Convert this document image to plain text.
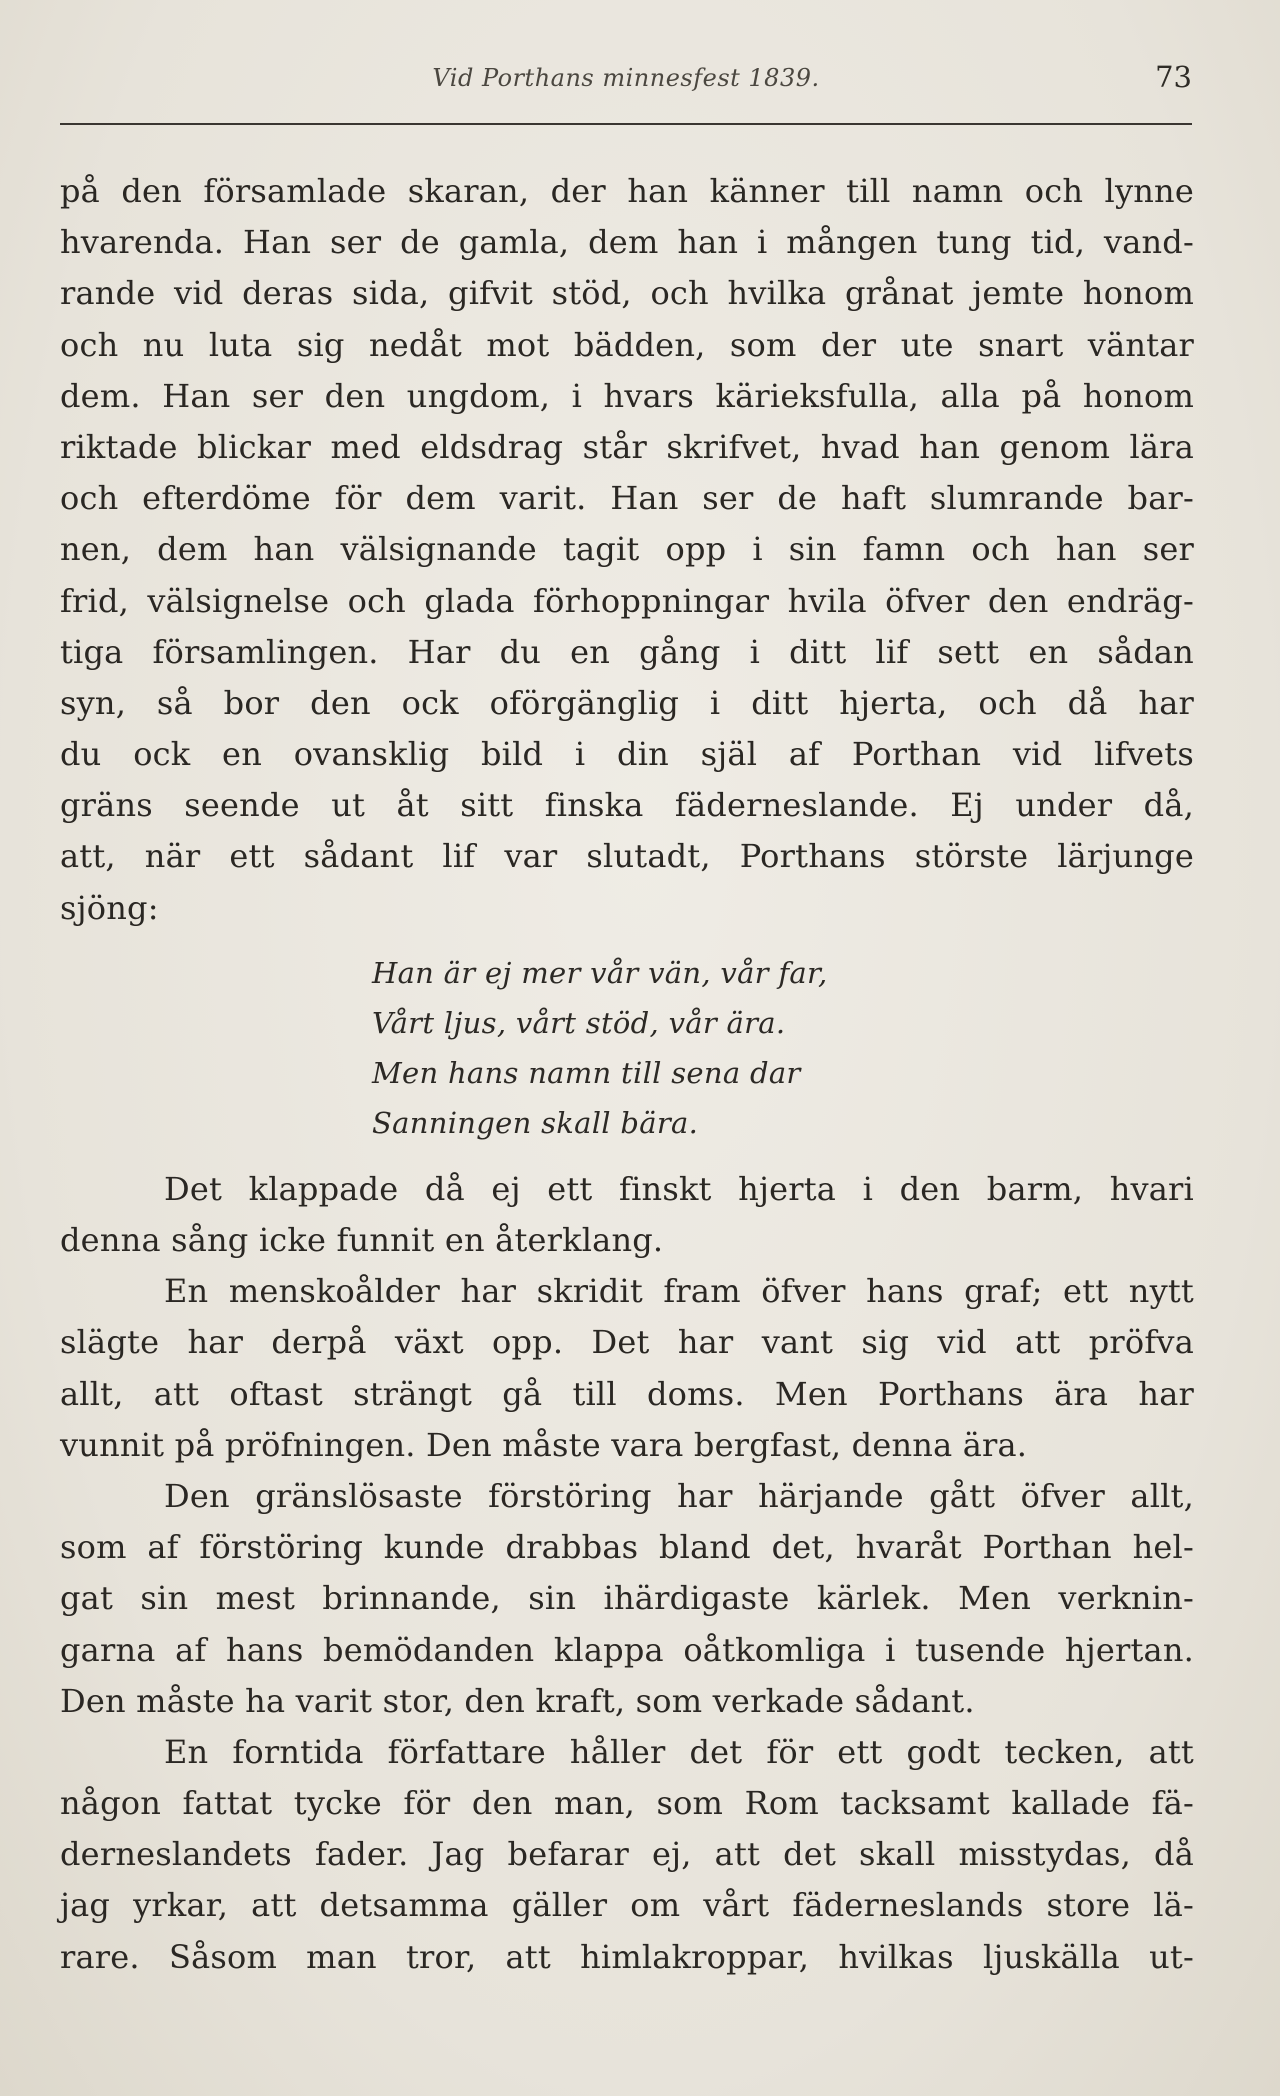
Vid Porthans minnesfest 1839.	73
på den församlade skaran, der han känner till namn och lynne
hvarenda. Han ser de gamla, dem han i mången tung tid, vand-
rande vid deras sida, gifvit stöd, och hvilka grånat jemte honom
och nu luta sig nedåt mot bädden, som der ute snart väntar
dem. Han ser den ungdom, i hvars kärieksfulla, alla på honom
riktade blickar med eldsdrag står skrifvet, hvad han genom lära
och efterdöme för dem varit. Han ser de haft slumrande bar-
nen, dem han välsignande tagit opp i sin famn och han ser
frid, välsignelse och glada förhoppningar hvila öfver den endräg-
tiga församlingen. Har du en gång i ditt lif sett en sådan
syn, så bor den ock oförgänglig i ditt hjerta, och då har
du ock en ovansklig bild i din själ af Porthan vid lifvets
gräns seende ut åt sitt finska fäderneslande. Ej under då,
att, när ett sådant lif var slutadt, Porthans störste lärjunge
sjöng:
Han är ej mer vår vän, vår far,
Vårt ljus, vårt stöd, vår ära.
Men hans namn till sena dar
Sanningen skall bära.
Det klappade då ej ett finskt hjerta i den barm, hvari
denna sång icke funnit en återklang.
En menskoålder har skridit fram öfver hans graf; ett nytt
slägte har derpå växt opp. Det har vant sig vid att pröfva
allt, att oftast strängt gå till doms. Men Porthans ära har
vunnit på pröfningen. Den måste vara bergfast, denna ära.
Den gränslösaste förstöring har härjande gått öfver allt,
som af förstöring kunde drabbas bland det, hvaråt Porthan hel-
gat sin mest brinnande, sin ihärdigaste kärlek. Men verknin-
garna af hans bemödanden klappa oåtkomliga i tusende hjertan.
Den måste ha varit stor, den kraft, som verkade sådant.
En forntida författare håller det för ett godt tecken, att
någon fattat tycke för den man, som Rom tacksamt kallade fä-
derneslandets fader. Jag befarar ej, att det skall misstydas, då
jag yrkar, att detsamma gäller om vårt fäderneslands store lä-
rare. Såsom man tror, att himlakroppar, hvilkas ljuskälla ut-
